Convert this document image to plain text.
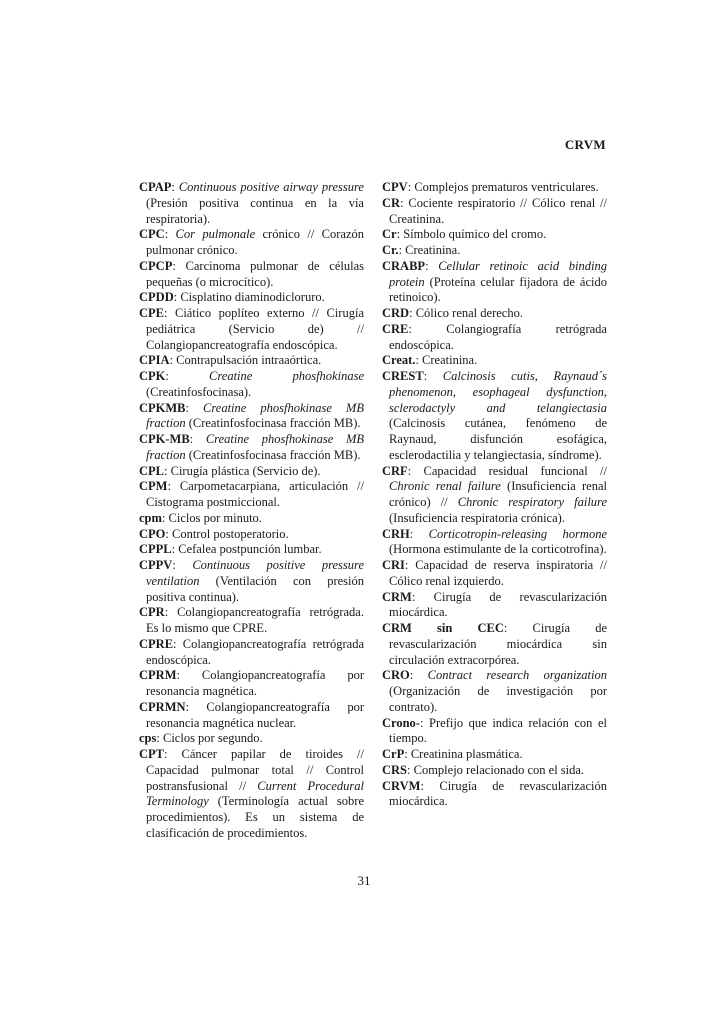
CRVM

CPAP: Continuous positive airway pressure (Presión positiva continua en la vía respiratoria).

CPC: Cor pulmonale crónico // Corazón pulmonar crónico.

CPCP: Carcinoma pulmonar de células pequeñas (o microcítico).

CPDD: Cisplatino diaminodicloruro.

CPE: Ciático poplíteo externo // Cirugía pediátrica (Servicio de) // Colangiopancreatografía endoscópica.

CPIA: Contrapulsación intraaórtica.

CPK: Creatine phosfhokinase (Creatinfosfocinasa).

CPKMB: Creatine phosfhokinase MB fraction (Creatinfosfocinasa fracción MB).

CPK-MB: Creatine phosfhokinase MB fraction (Creatinfosfocinasa fracción MB).

CPL: Cirugía plástica (Servicio de).

CPM: Carpometacarpiana, articulación // Cistograma postmiccional.

cpm: Ciclos por minuto.

CPO: Control postoperatorio.

CPPL: Cefalea postpunción lumbar.

CPPV: Continuous positive pressure ventilation (Ventilación con presión positiva continua).

CPR: Colangiopancreatografía retrógrada. Es lo mismo que CPRE.

CPRE: Colangiopancreatografía retrógrada endoscópica.

CPRM: Colangiopancreatografía por resonancia magnética.

CPRMN: Colangiopancreatografía por resonancia magnética nuclear.

cps: Ciclos por segundo.

CPT: Cáncer papilar de tiroides // Capacidad pulmonar total // Control postransfusional // Current Procedural Terminology (Terminología actual sobre procedimientos). Es un sistema de clasificación de procedimientos.

CPV: Complejos prematuros ventriculares.

CR: Cociente respiratorio // Cólico renal // Creatinina.

Cr: Símbolo químico del cromo.

Cr.: Creatinina.

CRABP: Cellular retinoic acid binding protein (Proteína celular fijadora de ácido retinoico).

CRD: Cólico renal derecho.

CRE: Colangiografía retrógrada endoscópica.

Creat.: Creatinina.

CREST: Calcinosis cutis, Raynaud´s phenomenon, esophageal dysfunction, sclerodactyly and telangiectasia (Calcinosis cutánea, fenómeno de Raynaud, disfunción esofágica, esclerodactilia y telangiectasia, síndrome).

CRF: Capacidad residual funcional // Chronic renal failure (Insuficiencia renal crónico) // Chronic respiratory failure (Insuficiencia respiratoria crónica).

CRH: Corticotropin-releasing hormone (Hormona estimulante de la corticotrofina).

CRI: Capacidad de reserva inspiratoria // Cólico renal izquierdo.

CRM: Cirugía de revascularización miocárdica.

CRM sin CEC: Cirugía de revascularización miocárdica sin circulación extracorpórea.

CRO: Contract research organization (Organización de investigación por contrato).

Crono-: Prefijo que indica relación con el tiempo.

CrP: Creatinina plasmática.

CRS: Complejo relacionado con el sida.

CRVM: Cirugía de revascularización miocárdica.

31
